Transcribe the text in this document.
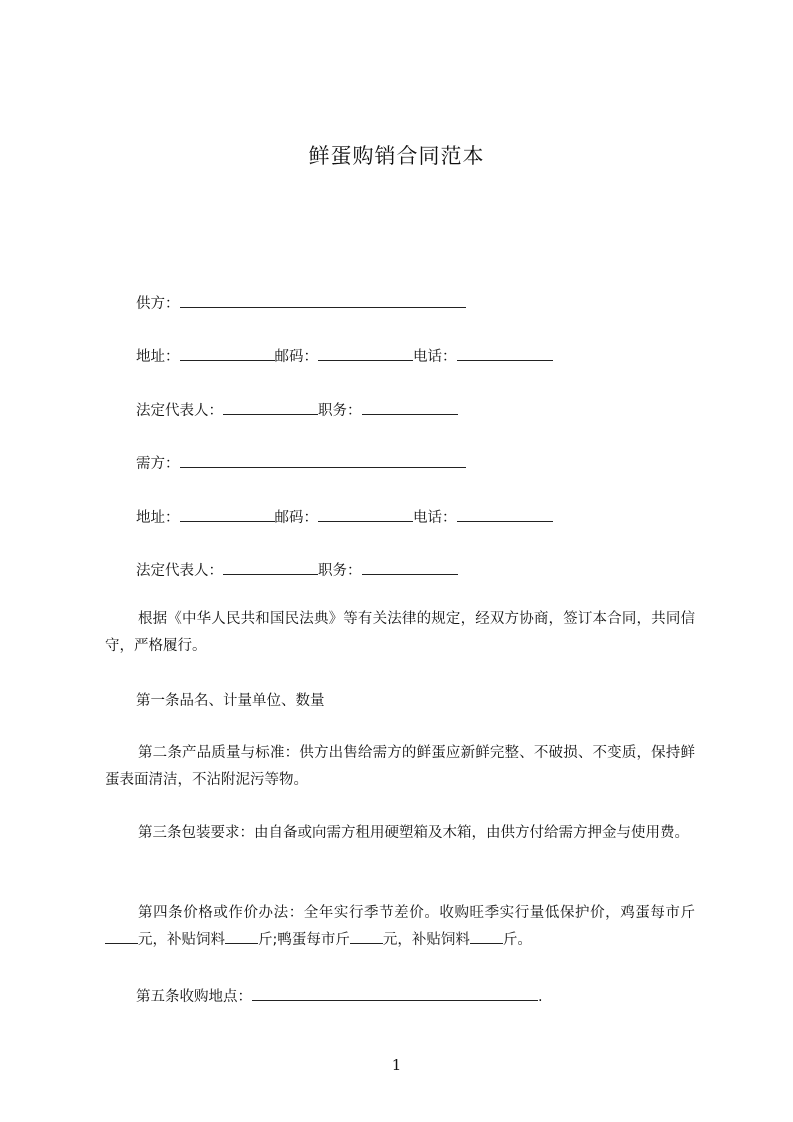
鲜蛋购销合同范本
供方：
地址：	邮码：	电话：
法定代表人：	职务：
需方：
地址：	邮码：	电话：
法定代表人：	职务：
根据《中华人民共和国民法典》等有关法律的规定，经双方协商，签订本合同，共同信守，严格履行。
第一条品名、计量单位、数量
第二条产品质量与标准：供方出售给需方的鲜蛋应新鲜完整、不破损、不变质，保持鲜蛋表面清洁，不沾附泥污等物。
第三条包装要求：由自备或向需方租用硬塑箱及木箱，由供方付给需方押金与使用费。
第四条价格或作价办法：全年实行季节差价。收购旺季实行量低保护价，鸡蛋每市斤元，补贴饲料 斤;鸭蛋每市斤 元，补贴饲料 斤。
第五条收购地点：	.
1
